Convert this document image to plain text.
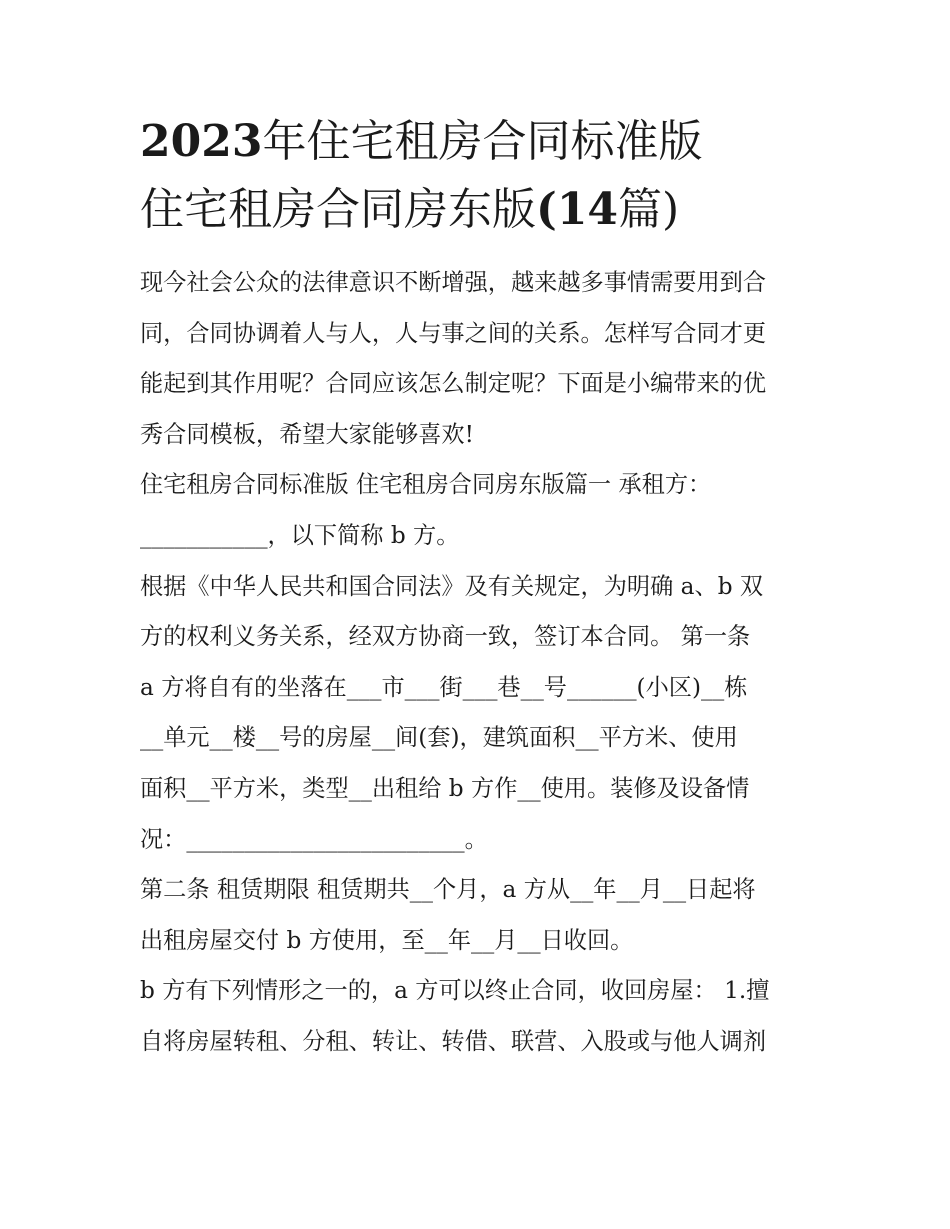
2023年住宅租房合同标准版
住宅租房合同房东版(14篇)

现今社会公众的法律意识不断增强，越来越多事情需要用到合
同，合同协调着人与人，人与事之间的关系。怎样写合同才更
能起到其作用呢？合同应该怎么制定呢？下面是小编带来的优
秀合同模板，希望大家能够喜欢!

住宅租房合同标准版 住宅租房合同房东版篇一 承租方：
___________，以下简称 b 方。

根据《中华人民共和国合同法》及有关规定，为明确 a、b 双
方的权利义务关系，经双方协商一致，签订本合同。 第一条
a 方将自有的坐落在___市___街___巷__号______(小区)__栋
__单元__楼__号的房屋__间(套)，建筑面积__平方米、使用
面积__平方米，类型__出租给 b 方作__使用。装修及设备情
况：________________________。

第二条 租赁期限 租赁期共__个月，a 方从__年__月__日起将
出租房屋交付 b 方使用，至__年__月__日收回。

b 方有下列情形之一的，a 方可以终止合同，收回房屋： 1.擅
自将房屋转租、分租、转让、转借、联营、入股或与他人调剂
